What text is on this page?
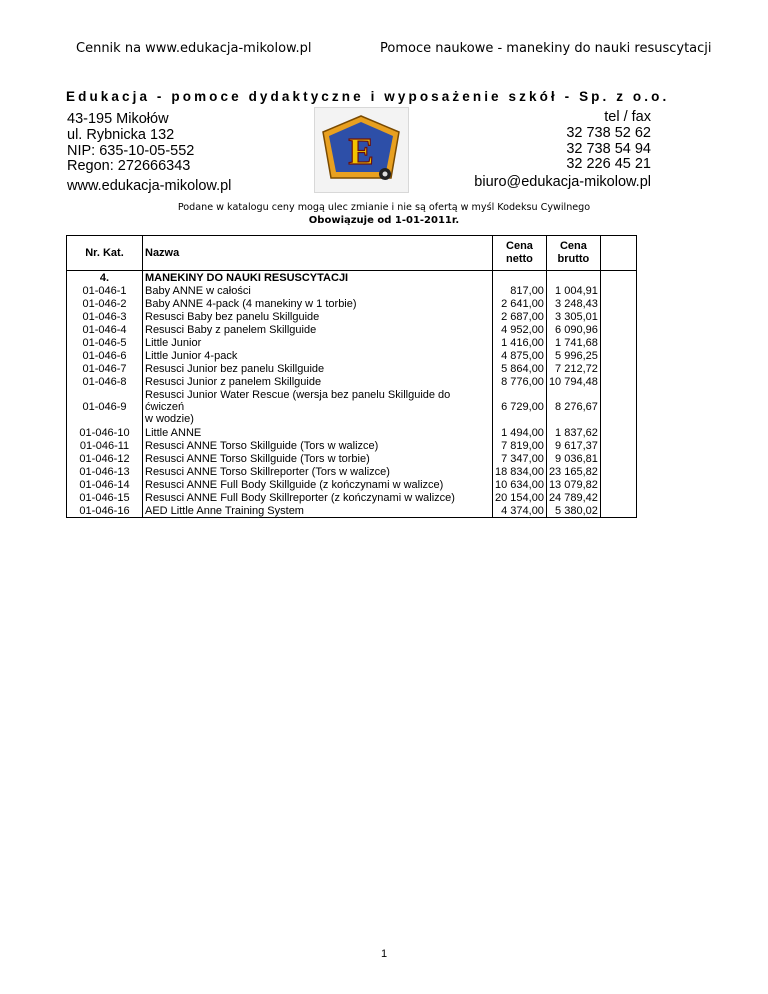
Cennik na www.edukacja-mikolow.pl	Pomoce naukowe - manekiny do nauki resuscytacji
Edukacja - pomoce dydaktyczne i wyposażenie szkół - Sp. z o.o.
43-195 Mikołów
ul. Rybnicka 132
NIP: 635-10-05-552
Regon: 272666343	E
tel / fax
32 738 52 62
32 738 54 94
32 226 45 21
www.edukacja-mikolow.pl	biuro@edukacja-mikolow.pl
Podane w katalogu ceny mogą ulec zmianie i nie są ofertą w myśl Kodeksu Cywilnego
Obowiązuje od 1-01-2011r.
Nr. Kat.	Nazwa	Cena netto	Cena brutto	
4.	MANEKINY DO NAUKI RESUSCYTACJI			
01-046-1	Baby ANNE w całości	817,00	1 004,91	
01-046-2	Baby ANNE 4-pack (4 manekiny w 1 torbie)	2 641,00	3 248,43	
01-046-3	Resusci Baby bez panelu Skillguide	2 687,00	3 305,01	
01-046-4	Resusci Baby z panelem Skillguide	4 952,00	6 090,96	
01-046-5	Little Junior	1 416,00	1 741,68	
01-046-6	Little Junior 4-pack	4 875,00	5 996,25	
01-046-7	Resusci Junior bez panelu Skillguide	5 864,00	7 212,72	
01-046-8	Resusci Junior z panelem Skillguide	8 776,00	10 794,48	
01-046-9	Resusci Junior Water Rescue (wersja bez panelu Skillguide do
ćwiczeń
w wodzie)	6 729,00	8 276,67	
01-046-10	Little ANNE	1 494,00	1 837,62	
01-046-11	Resusci ANNE Torso Skillguide (Tors w walizce)	7 819,00	9 617,37	
01-046-12	Resusci ANNE Torso Skillguide (Tors w torbie)	7 347,00	9 036,81	
01-046-13	Resusci ANNE Torso Skillreporter (Tors w walizce)	18 834,00	23 165,82	
01-046-14	Resusci ANNE Full Body Skillguide (z kończynami w walizce)	10 634,00	13 079,82	
01-046-15	Resusci ANNE Full Body Skillreporter (z kończynami w walizce)	20 154,00	24 789,42	
01-046-16	AED Little Anne Training System	4 374,00	5 380,02	
1
